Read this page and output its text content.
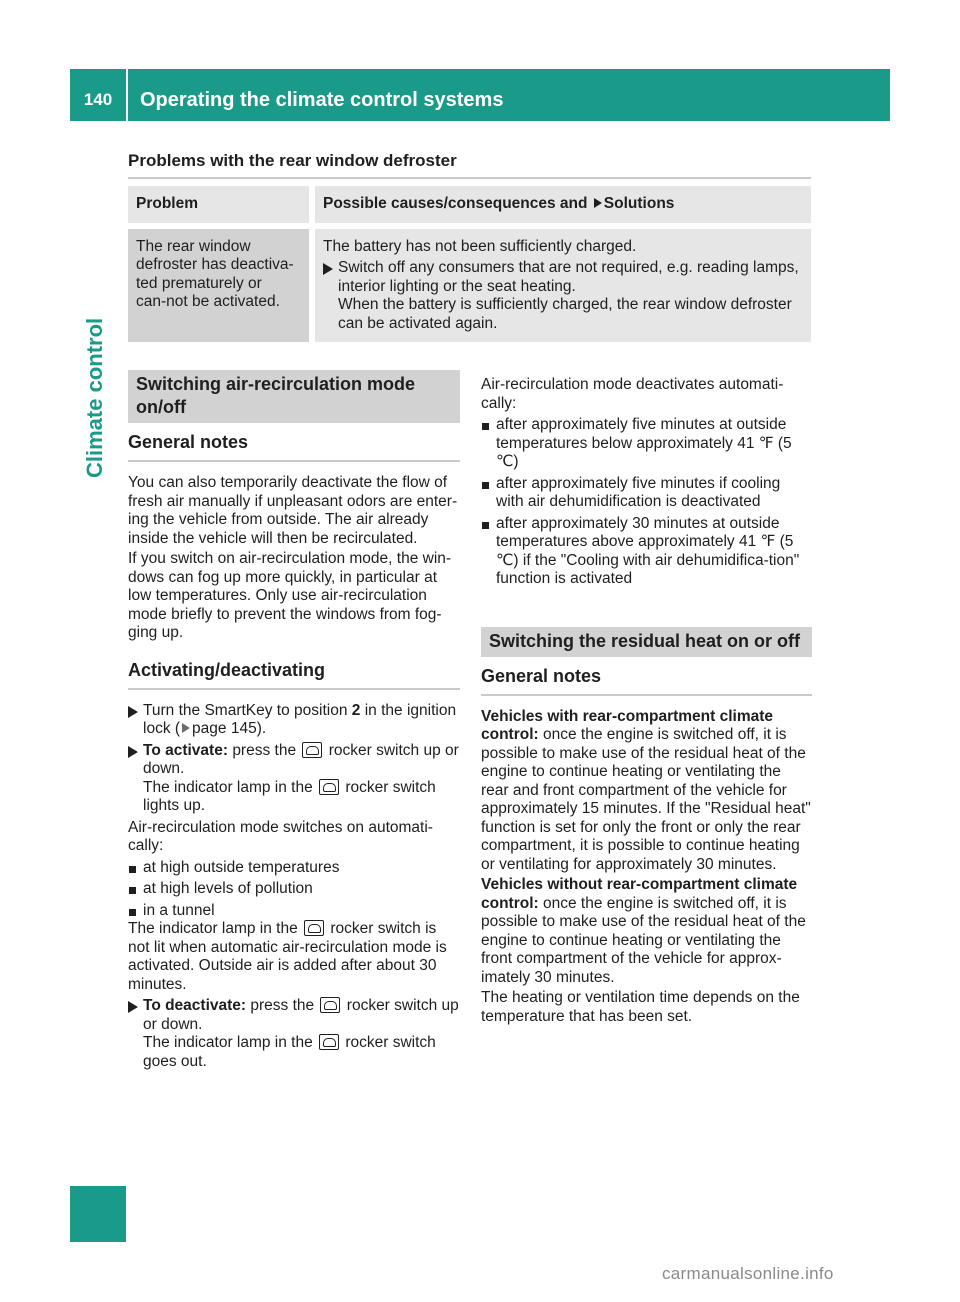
140	Operating the climate control systems
Climate control
Problems with the rear window defroster
Problem	Possible causes/consequences and Solutions

The rear window defroster has deactiva-ted prematurely or can-not be activated.	The battery has not been sufficiently charged.

Switch off any consumers that are not required, e.g. reading lamps, interior lighting or the seat heating.
When the battery is sufficiently charged, the rear window defroster can be activated again.
Switching air-recirculation mode on/off
General notes

You can also temporarily deactivate the flow of fresh air manually if unpleasant odors are enter-ing the vehicle from outside. The air already inside the vehicle will then be recirculated.

If you switch on air-recirculation mode, the win-dows can fog up more quickly, in particular at low temperatures. Only use air-recirculation mode briefly to prevent the windows from fog-ging up.

Activating/deactivating
Turn the SmartKey to position 2 in the ignition lock ( page 145).
To activate: press the rocker switch up or down.
The indicator lamp in the rocker switch lights up.

Air-recirculation mode switches on automati-cally:

at high outside temperatures
at high levels of pollution
in a tunnel

The indicator lamp in the rocker switch is not lit when automatic air-recirculation mode is activated. Outside air is added after about 30 minutes.

To deactivate: press the rocker switch up or down.
The indicator lamp in the rocker switch goes out.

Air-recirculation mode deactivates automati-cally:

after approximately five minutes at outside temperatures below approximately 41 ℉ (5 ℃)
after approximately five minutes if cooling with air dehumidification is deactivated
after approximately 30 minutes at outside temperatures above approximately 41 ℉ (5 ℃) if the "Cooling with air dehumidifica-tion" function is activated
Switching the residual heat on or off
General notes

Vehicles with rear-compartment climate control: once the engine is switched off, it is possible to make use of the residual heat of the engine to continue heating or ventilating the rear and front compartment of the vehicle for approximately 15 minutes. If the "Residual heat" function is set for only the front or only the rear compartment, it is possible to continue heating or ventilating for approximately 30 minutes.

Vehicles without rear-compartment climate control: once the engine is switched off, it is possible to make use of the residual heat of the engine to continue heating or ventilating the front compartment of the vehicle for approx-imately 30 minutes.

The heating or ventilation time depends on the temperature that has been set.

carmanualsonline.info
